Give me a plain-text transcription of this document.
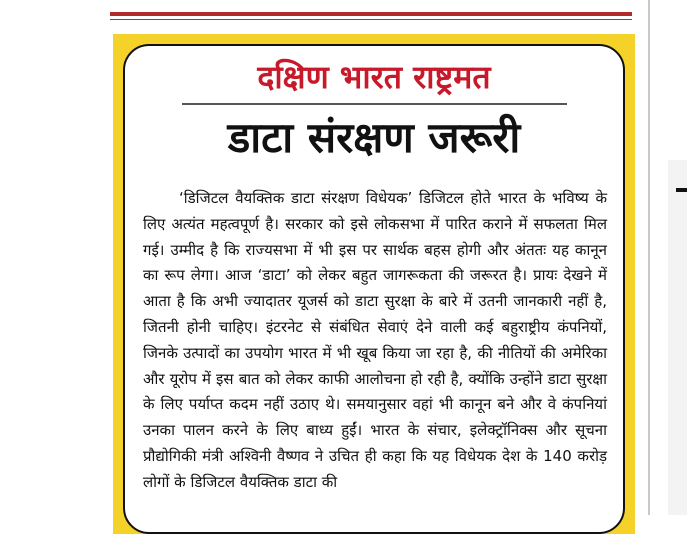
दक्षिण भारत राष्ट्रमत
डाटा संरक्षण जरूरी

‘डिजिटल वैयक्तिक डाटा संरक्षण विधेयक’ डिजिटल होते भारत के भविष्य के लिए अत्यंत महत्वपूर्ण है। सरकार को इसे लोकसभा में पारित कराने में सफलता मिल गई। उम्मीद है कि राज्यसभा में भी इस पर सार्थक बहस होगी और अंततः यह कानून का रूप लेगा। आज ‘डाटा’ को लेकर बहुत जागरूकता की जरूरत है। प्रायः देखने में आता है कि अभी ज्यादातर यूजर्स को डाटा सुरक्षा के बारे में उतनी जानकारी नहीं है, जितनी होनी चाहिए। इंटरनेट से संबंधित सेवाएं देने वाली कई बहुराष्ट्रीय कंपनियों, जिनके उत्पादों का उपयोग भारत में भी खूब किया जा रहा है, की नीतियों की अमेरिका और यूरोप में इस बात को लेकर काफी आलोचना हो रही है, क्योंकि उन्होंने डाटा सुरक्षा के लिए पर्याप्त कदम नहीं उठाए थे। समयानुसार वहां भी कानून बने और वे कंपनियां उनका पालन करने के लिए बाध्य हुईं। भारत के संचार, इलेक्ट्रॉनिक्स और सूचना प्रौद्योगिकी मंत्री अश्विनी वैष्णव ने उचित ही कहा कि यह विधेयक देश के 140 करोड़ लोगों के डिजिटल वैयक्तिक डाटा की
